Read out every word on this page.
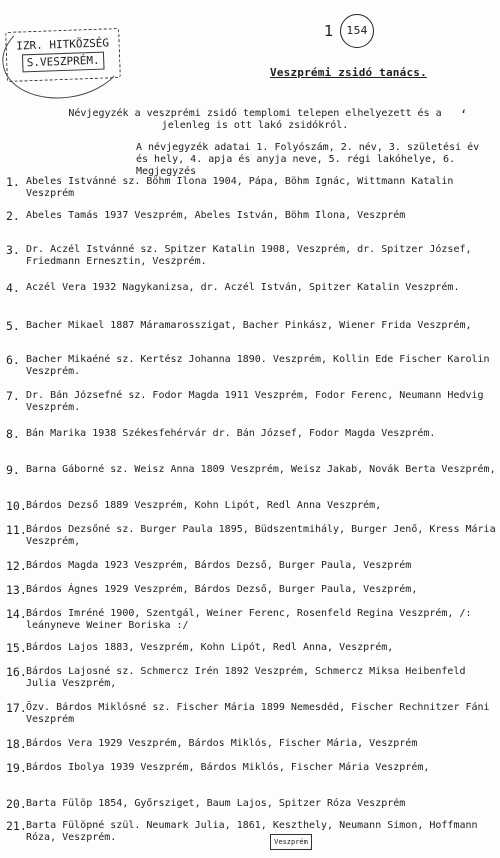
IZR. HITKÖZSÉG
S.VESZPRÉM.
1	154
Veszprémi zsidó tanács.
Névjegyzék a veszprémi zsidó templomi telepen elhelyezett és a jelenleg is ott lakó zsidókról.
ʻ
A névjegyzék adatai 1. Folyószám, 2. név, 3. születési év és hely, 4. apja és anyja neve, 5. régi lakóhelye, 6. Megjegyzés
1. Abeles Istvánné sz. Böhm Ilona 1904, Pápa, Böhm Ignác, Wittmann Katalin Veszprém
2. Abeles Tamás 1937 Veszprém, Abeles István, Böhm Ilona, Veszprém
3. Dr. Aczél Istvánné sz. Spitzer Katalin 1908, Veszprém, dr. Spitzer József, Friedmann Ernesztin, Veszprém.
4. Aczél Vera 1932 Nagykanizsa, dr. Aczél István, Spitzer Katalin Veszprém.
5. Bacher Mikael 1887 Máramarosszigat, Bacher Pinkász, Wiener Frida Veszprém,
6. Bacher Mikaéné sz. Kertész Johanna 1890. Veszprém, Kollin Ede Fischer Karolin Veszprém.
7. Dr. Bán Józsefné sz. Fodor Magda 1911 Veszprém, Fodor Ferenc, Neumann Hedvig Veszprém.
8. Bán Marika 1938 Székesfehérvár dr. Bán József, Fodor Magda Veszprém.
9. Barna Gáborné sz. Weisz Anna 1809 Veszprém, Weisz Jakab, Novák Berta Veszprém,
10. Bárdos Dezső 1889 Veszprém, Kohn Lipót, Redl Anna Veszprém,
11. Bárdos Dezsőné sz. Burger Paula 1895, Büdszentmihály, Burger Jenő, Kress Mária Veszprém,
12. Bárdos Magda 1923 Veszprém, Bárdos Dezső, Burger Paula, Veszprém
13. Bárdos Ágnes 1929 Veszprém, Bárdos Dezső, Burger Paula, Veszprém,
14. Bárdos Imréné 1900, Szentgál, Weiner Ferenc, Rosenfeld Regina Veszprém, /: leányneve Weiner Boriska :/
15. Bárdos Lajos 1883, Veszprém, Kohn Lipót, Redl Anna, Veszprém,
16. Bárdos Lajosné sz. Schmercz Irén 1892 Veszprém, Schmercz Miksa Heibenfeld Julia Veszprém,
17. Özv. Bárdos Miklósné sz. Fischer Mária 1899 Nemesdéd, Fischer Rechnitzer Fáni Veszprém
18. Bárdos Vera 1929 Veszprém, Bárdos Miklós, Fischer Mária, Veszprém
19. Bárdos Ibolya 1939 Veszprém, Bárdos Miklós, Fischer Mária Veszprém,
20. Barta Fülöp 1854, Győrsziget, Baum Lajos, Spitzer Róza Veszprém
21. Barta Fülöpné szül. Neumark Julia, 1861, Keszthely, Neumann Simon, Hoffmann Róza, Veszprém.	Veszprém
